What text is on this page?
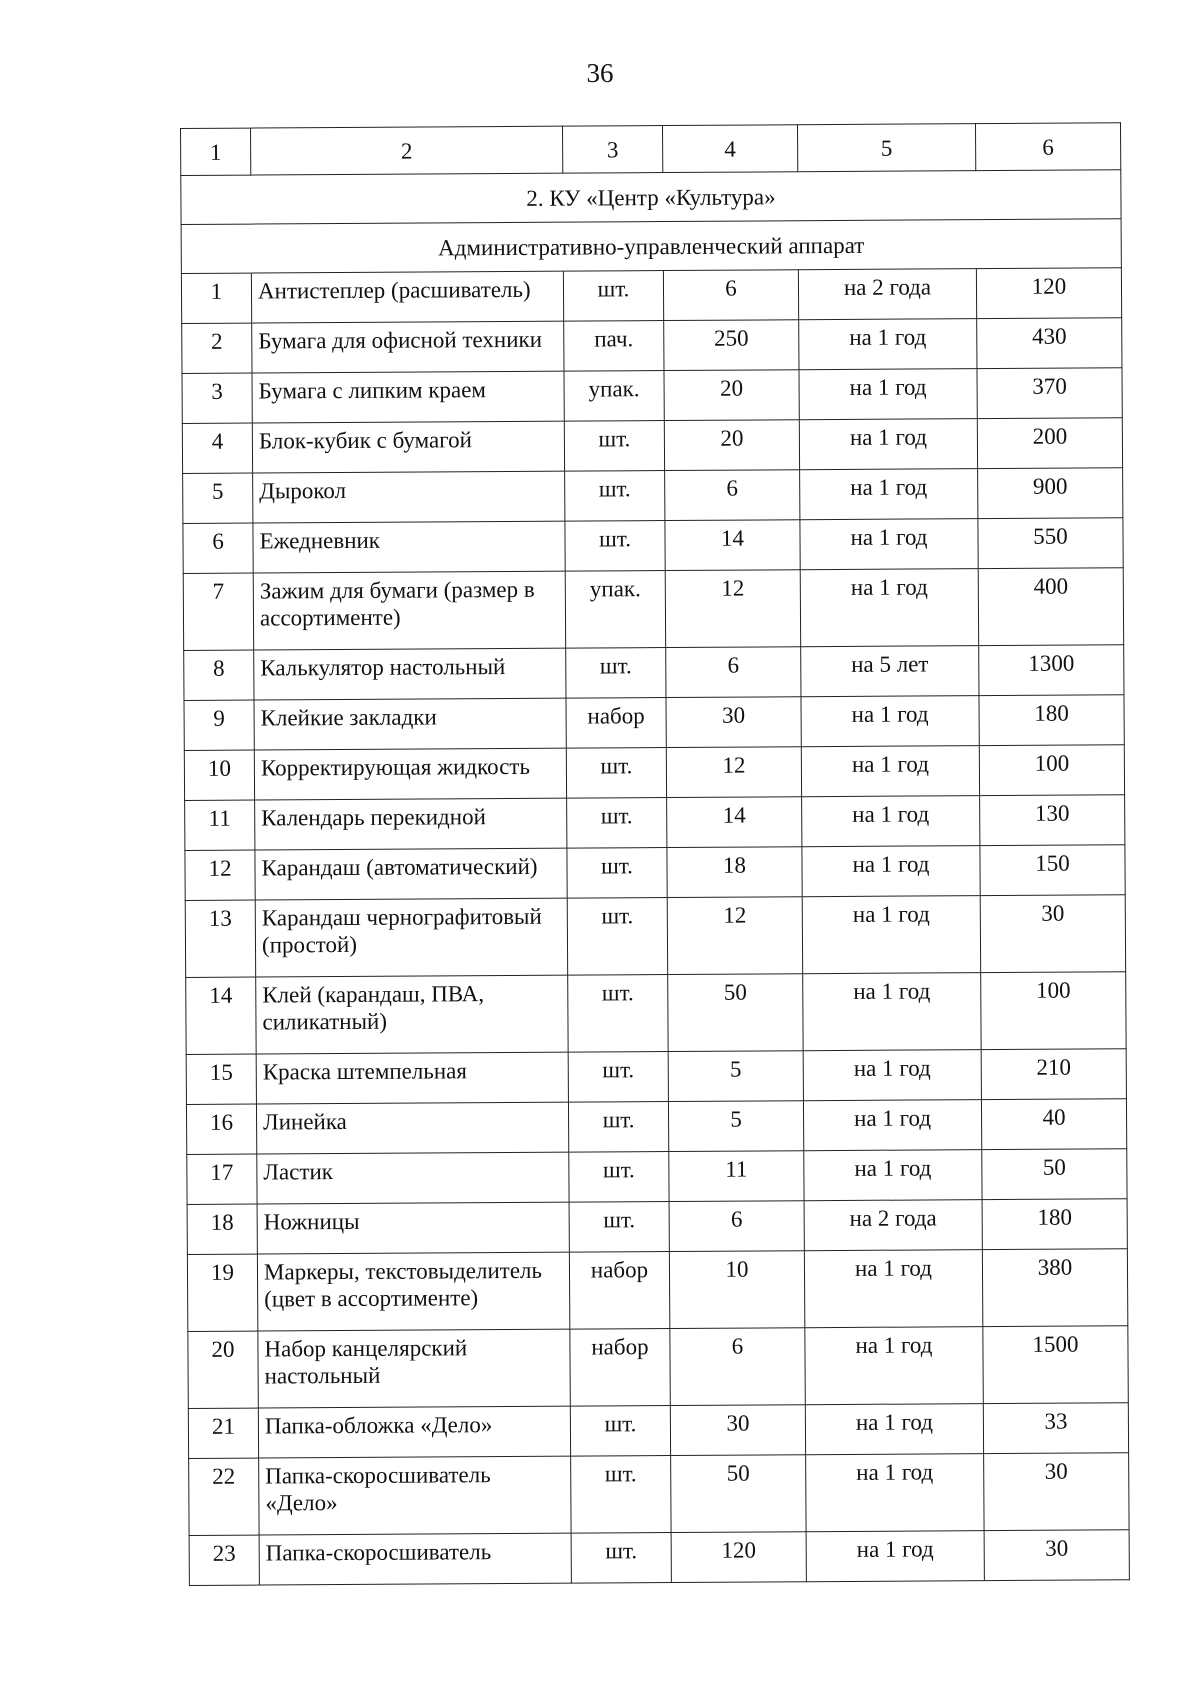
36
1	2	3	4	5	6
2. КУ «Центр «Культура»					
Административно-управленческий аппарат					
1	Антистеплер (расшиватель)	шт.	6	на 2 года	120
2	Бумага для офисной техники	пач.	250	на 1 год	430
3	Бумага с липким краем	упак.	20	на 1 год	370
4	Блок-кубик с бумагой	шт.	20	на 1 год	200
5	Дырокол	шт.	6	на 1 год	900
6	Ежедневник	шт.	14	на 1 год	550
7	Зажим для бумаги (размер в ассортименте)	упак.	12	на 1 год	400
8	Калькулятор настольный	шт.	6	на 5 лет	1300
9	Клейкие закладки	набор	30	на 1 год	180
10	Корректирующая жидкость	шт.	12	на 1 год	100
11	Календарь перекидной	шт.	14	на 1 год	130
12	Карандаш (автоматический)	шт.	18	на 1 год	150
13	Карандаш чернографитовый (простой)	шт.	12	на 1 год	30
14	Клей (карандаш, ПВА, силикатный)	шт.	50	на 1 год	100
15	Краска штемпельная	шт.	5	на 1 год	210
16	Линейка	шт.	5	на 1 год	40
17	Ластик	шт.	11	на 1 год	50
18	Ножницы	шт.	6	на 2 года	180
19	Маркеры, текстовыделитель (цвет в ассортименте)	набор	10	на 1 год	380
20	Набор канцелярский настольный	набор	6	на 1 год	1500
21	Папка-обложка «Дело»	шт.	30	на 1 год	33
22	Папка-скоросшиватель «Дело»	шт.	50	на 1 год	30
23	Папка-скоросшиватель	шт.	120	на 1 год	30
